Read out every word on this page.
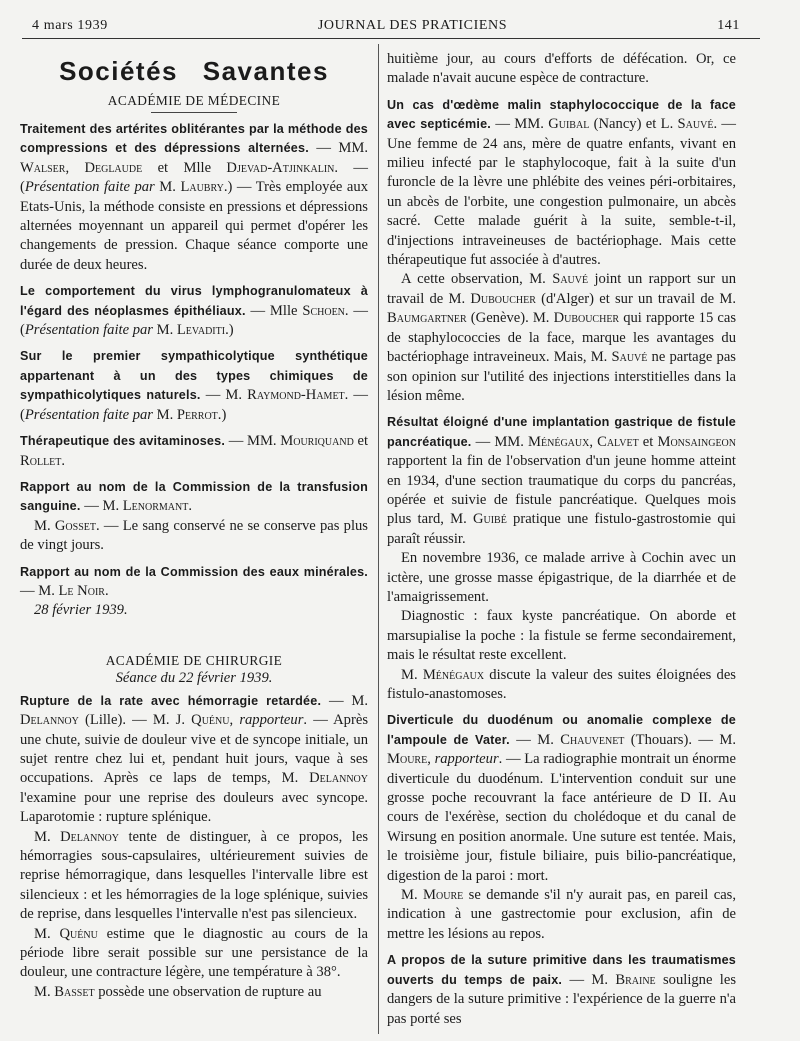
4 mars 1939	JOURNAL DES PRATICIENS	141
Sociétés Savantes
ACADÉMIE DE MÉDECINE

Traitement des artérites oblitérantes par la méthode des compressions et des dépressions alternées. — MM. Walser, Deglaude et Mlle Djevad-Atjinkalin. — (Présentation faite par M. Laubry.) — Très employée aux Etats-Unis, la méthode consiste en pressions et dépressions alternées moyennant un appareil qui permet d'opérer les changements de pression. Chaque séance comporte une durée de deux heures.

Le comportement du virus lymphogranulomateux à l'égard des néoplasmes épithéliaux. — Mlle Schoen. — (Présentation faite par M. Levaditi.)

Sur le premier sympathicolytique synthétique appartenant à un des types chimiques de sympathicolytiques naturels. — M. Raymond-Hamet. — (Présentation faite par M. Perrot.)

Thérapeutique des avitaminoses. — MM. Mouriquand et Rollet.

Rapport au nom de la Commission de la transfusion sanguine. — M. Lenormant.

M. Gosset. — Le sang conservé ne se conserve pas plus de vingt jours.

Rapport au nom de la Commission des eaux minérales. — M. Le Noir.

28 février 1939.

ACADÉMIE DE CHIRURGIE
Séance du 22 février 1939.

Rupture de la rate avec hémorragie retardée. — M. Delannoy (Lille). — M. J. Quénu, rapporteur. — Après une chute, suivie de douleur vive et de syncope initiale, un sujet rentre chez lui et, pendant huit jours, vaque à ses occupations. Après ce laps de temps, M. Delannoy l'examine pour une reprise des douleurs avec syncope. Laparotomie : rupture splénique.

M. Delannoy tente de distinguer, à ce propos, les hémorragies sous-capsulaires, ultérieurement suivies de reprise hémorragique, dans lesquelles l'intervalle libre est silencieux : et les hémorragies de la loge splénique, suivies de reprise, dans lesquelles l'intervalle n'est pas silencieux.

M. Quénu estime que le diagnostic au cours de la période libre serait possible sur une persistance de la douleur, une contracture légère, une température à 38°.

M. Basset possède une observation de rupture au

huitième jour, au cours d'efforts de défécation. Or, ce malade n'avait aucune espèce de contracture.

Un cas d'œdème malin staphylococcique de la face avec septicémie. — MM. Guibal (Nancy) et L. Sauvé. — Une femme de 24 ans, mère de quatre enfants, vivant en milieu infecté par le staphylocoque, fait à la suite d'un furoncle de la lèvre une phlébite des veines péri-orbitaires, un abcès de l'orbite, une congestion pulmonaire, un abcès sacré. Cette malade guérit à la suite, semble-t-il, d'injections intraveineuses de bactériophage. Mais cette thérapeutique fut associée à d'autres.

A cette observation, M. Sauvé joint un rapport sur un travail de M. Duboucher (d'Alger) et sur un travail de M. Baumgartner (Genève). M. Duboucher qui rapporte 15 cas de staphylococcies de la face, marque les avantages du bactériophage intraveineux. Mais, M. Sauvé ne partage pas son opinion sur l'utilité des injections interstitielles dans la lésion même.

Résultat éloigné d'une implantation gastrique de fistule pancréatique. — MM. Ménégaux, Calvet et Monsaingeon rapportent la fin de l'observation d'un jeune homme atteint en 1934, d'une section traumatique du corps du pancréas, opérée et suivie de fistule pancréatique. Quelques mois plus tard, M. Guibé pratique une fistulo-gastrostomie qui paraît réussir.

En novembre 1936, ce malade arrive à Cochin avec un ictère, une grosse masse épigastrique, de la diarrhée et de l'amaigrissement.

Diagnostic : faux kyste pancréatique. On aborde et marsupialise la poche : la fistule se ferme secondairement, mais le résultat reste excellent.

M. Ménégaux discute la valeur des suites éloignées des fistulo-anastomoses.

Diverticule du duodénum ou anomalie complexe de l'ampoule de Vater. — M. Chauvenet (Thouars). — M. Moure, rapporteur. — La radiographie montrait un énorme diverticule du duodénum. L'intervention conduit sur une grosse poche recouvrant la face antérieure de D II. Au cours de l'exérèse, section du cholédoque et du canal de Wirsung en position anormale. Une suture est tentée. Mais, le troisième jour, fistule biliaire, puis bilio-pancréatique, digestion de la paroi : mort.

M. Moure se demande s'il n'y aurait pas, en pareil cas, indication à une gastrectomie pour exclusion, afin de mettre les lésions au repos.

A propos de la suture primitive dans les traumatismes ouverts du temps de paix. — M. Braine souligne les dangers de la suture primitive : l'expérience de la guerre n'a pas porté ses
